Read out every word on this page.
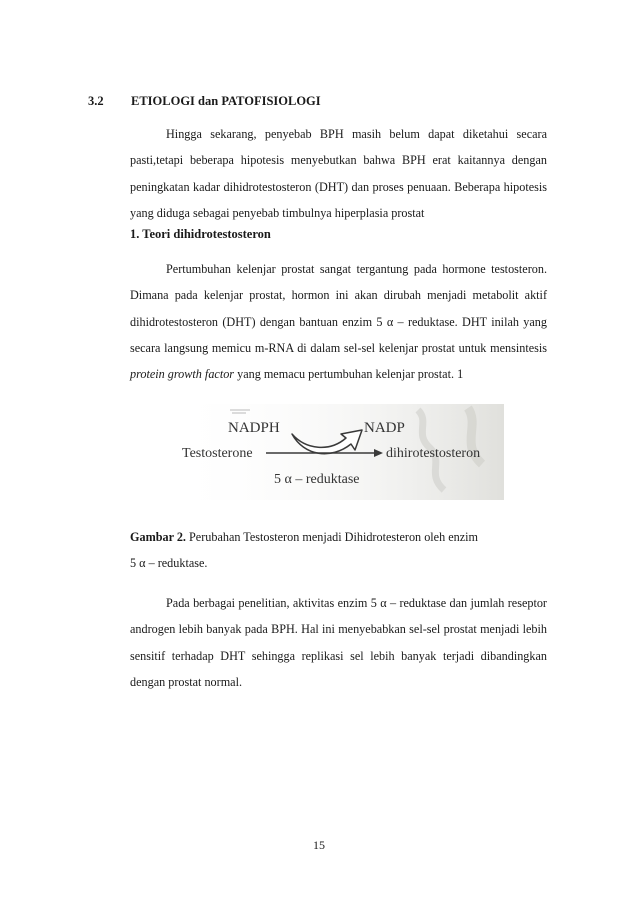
3.2 ETIOLOGI dan PATOFISIOLOGI
Hingga sekarang, penyebab BPH masih belum dapat diketahui secara pasti,tetapi beberapa hipotesis menyebutkan bahwa BPH erat kaitannya dengan peningkatan kadar dihidrotestosteron (DHT) dan proses penuaan. Beberapa hipotesis yang diduga sebagai penyebab timbulnya hiperplasia prostat
1. Teori dihidrotestosteron
Pertumbuhan kelenjar prostat sangat tergantung pada hormone testosteron. Dimana pada kelenjar prostat, hormon ini akan dirubah menjadi metabolit aktif dihidrotestosteron (DHT) dengan bantuan enzim 5 α – reduktase. DHT inilah yang secara langsung memicu m-RNA di dalam sel-sel kelenjar prostat untuk mensintesis protein growth factor yang memacu pertumbuhan kelenjar prostat. 1
NADPH	NADP
Testosterone	dihirotestosteron
5 α – reduktase
Gambar 2. Perubahan Testosteron menjadi Dihidrotesteron oleh enzim
5 α – reduktase.
Pada berbagai penelitian, aktivitas enzim 5 α – reduktase dan jumlah reseptor androgen lebih banyak pada BPH. Hal ini menyebabkan sel-sel prostat menjadi lebih sensitif terhadap DHT sehingga replikasi sel lebih banyak terjadi dibandingkan dengan prostat normal.
15
